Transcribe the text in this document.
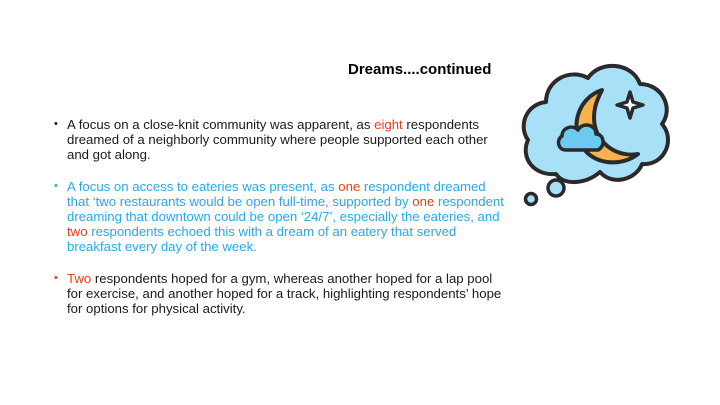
Dreams....continued
• A focus on a close-knit community was apparent, as eight respondents dreamed of a neighborly community where people supported each other and got along.
• A focus on access to eateries was present, as one respondent dreamed that ‘two restaurants would be open full-time, supported by one respondent dreaming that downtown could be open ‘24/7’, especially the eateries, and two respondents echoed this with a dream of an eatery that served breakfast every day of the week.
• Two respondents hoped for a gym, whereas another hoped for a lap pool for exercise, and another hoped for a track, highlighting respondents’ hope for options for physical activity.
